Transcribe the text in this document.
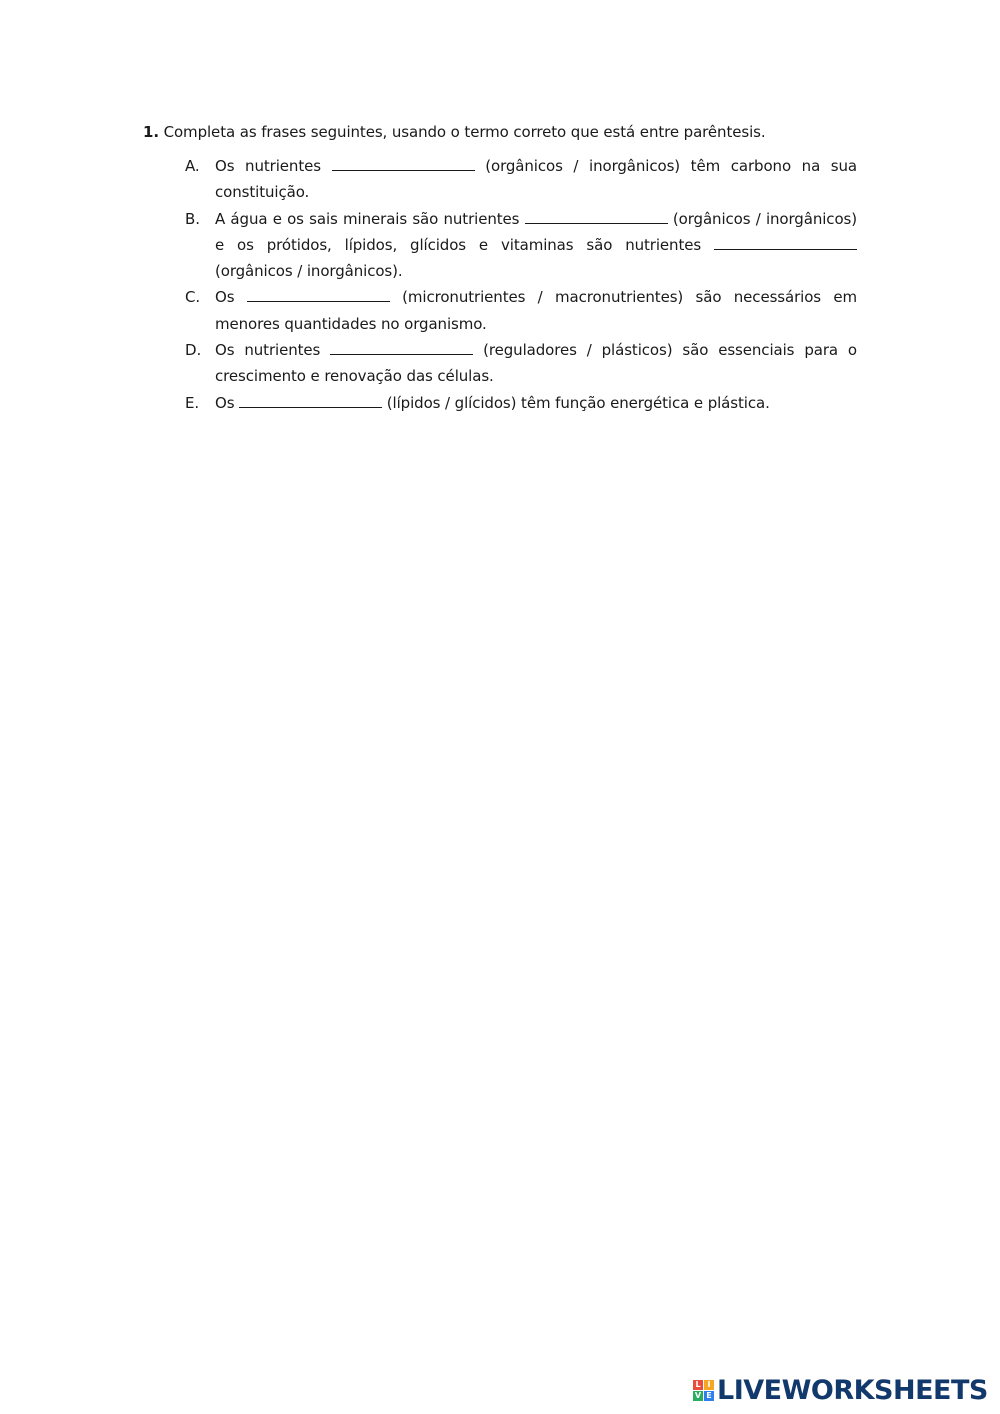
1. Completa as frases seguintes, usando o termo correto que está entre parêntesis.
A.	Os nutrientes	(orgânicos / inorgânicos) têm carbono na sua constituição.
B.	A água e os sais minerais são nutrientes	(orgânicos / inorgânicos) e os prótidos, lípidos, glícidos e vitaminas são nutrientes  (orgânicos / inorgânicos).
C. Os	(micronutrientes / macronutrientes) são necessários em menores quantidades no organismo.
D. Os nutrientes	(reguladores / plásticos) são essenciais para o crescimento e renovação das células.
E.	Os	(lípidos / glícidos) têm função energética e plástica.
L I
V E LIVEWORKSHEETS
